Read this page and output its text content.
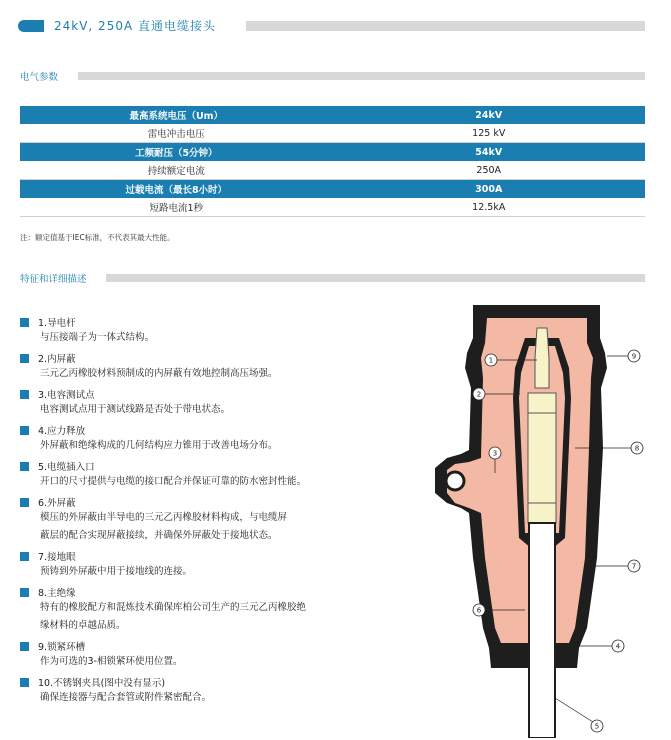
24kV, 250A 直通电缆接头
电气参数
最高系统电压（Um）	24kV
雷电冲击电压	125 kV
工频耐压（5分钟）	54kV
持续额定电流	250A
过载电流（最长8小时）	300A
短路电流1秒	12.5kA
注：额定值基于IEC标准，不代表其最大性能。
特征和详细描述
1.导电杆
与压接端子为一体式结构。
2.内屏蔽
三元乙丙橡胶材料预制成的内屏蔽有效地控制高压场强。
3.电容测试点
电容测试点用于测试线路是否处于带电状态。
4.应力释放
外屏蔽和绝缘构成的几何结构应力锥用于改善电场分布。
5.电缆插入口
开口的尺寸提供与电缆的接口配合并保证可靠的防水密封性能。
6.外屏蔽
模压的外屏蔽由半导电的三元乙丙橡胶材料构成，与电缆屏
蔽层的配合实现屏蔽接续，并确保外屏蔽处于接地状态。
7.接地眼
预铸到外屏蔽中用于接地线的连接。
8.主绝缘
特有的橡胶配方和混炼技术确保库柏公司生产的三元乙丙橡胶绝
缘材料的卓越品质。
9.锁紧环槽
作为可选的3-相锁紧环使用位置。
10.不锈钢夹具(图中没有显示)
确保连接器与配合套管或附件紧密配合。
1
2
3
4
5
6
7
8
9
